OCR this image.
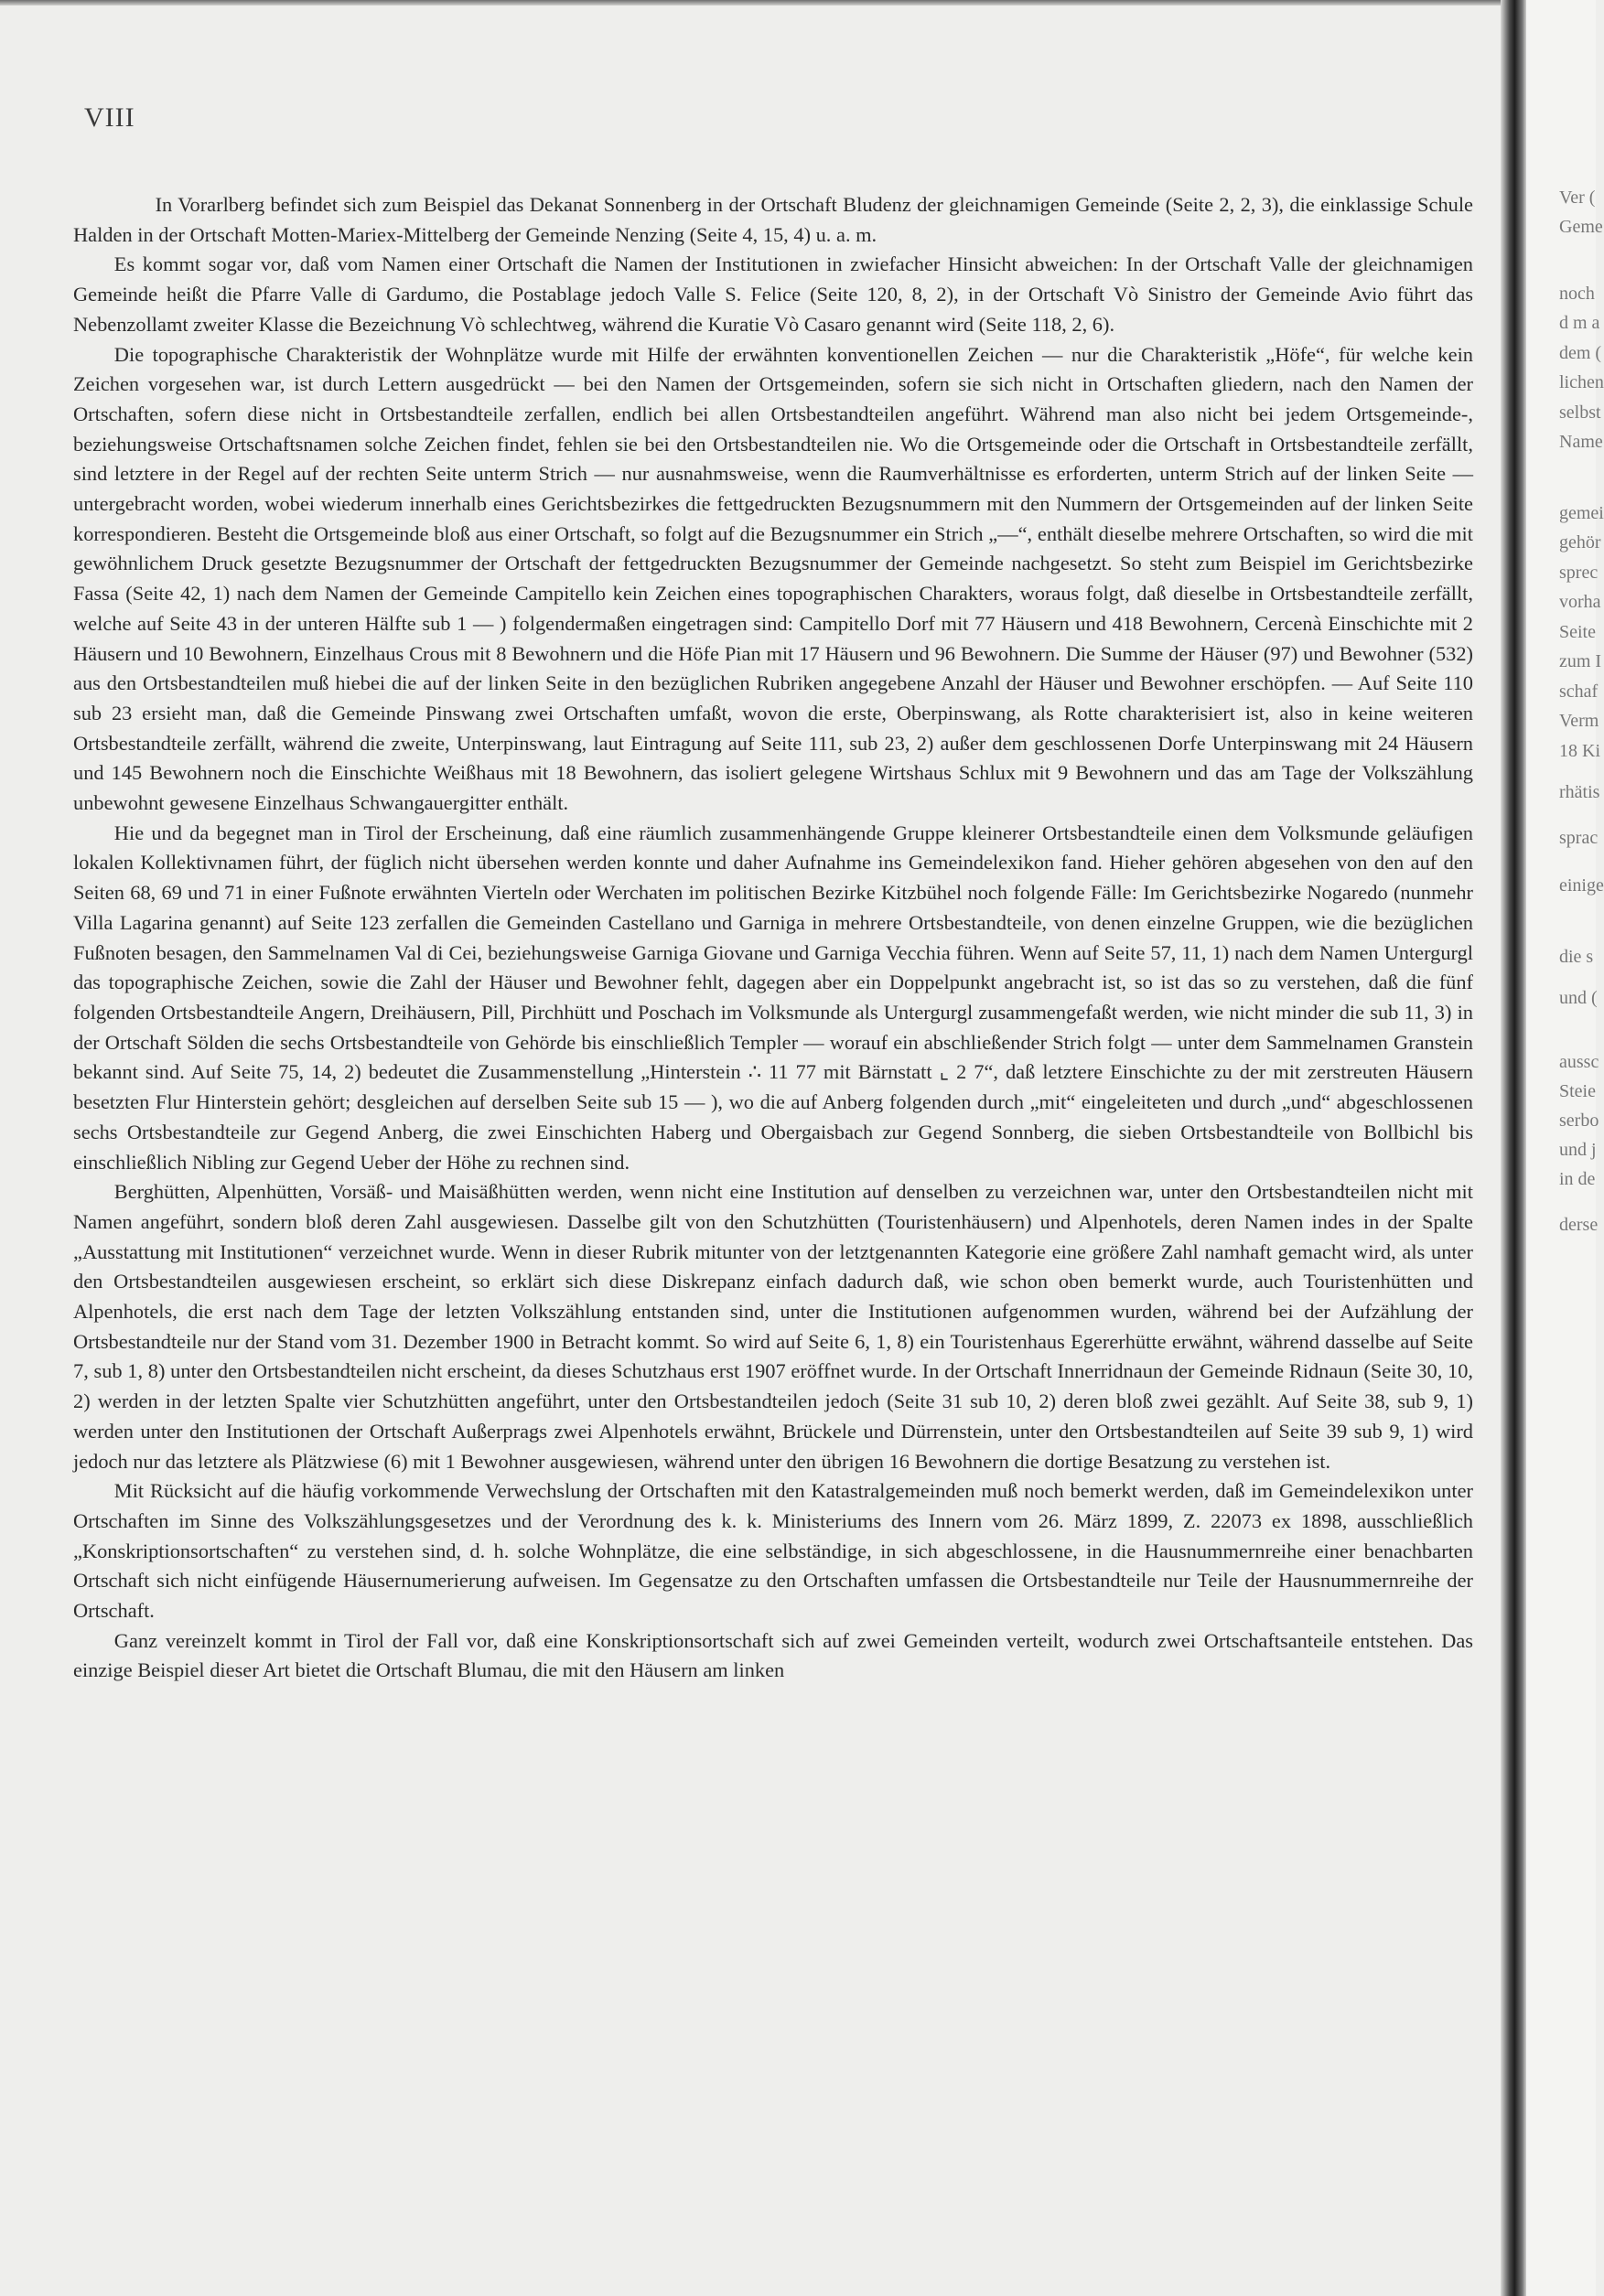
VIII

In Vorarlberg befindet sich zum Beispiel das Dekanat Sonnenberg in der Ortschaft Bludenz der gleichnamigen Gemeinde (Seite 2, 2, 3), die einklassige Schule Halden in der Ortschaft Motten-Mariex-Mittelberg der Gemeinde Nenzing (Seite 4, 15, 4) u. a. m.

Es kommt sogar vor, daß vom Namen einer Ortschaft die Namen der Institutionen in zwiefacher Hinsicht abweichen: In der Ortschaft Valle der gleichnamigen Gemeinde heißt die Pfarre Valle di Gardumo, die Postablage jedoch Valle S. Felice (Seite 120, 8, 2), in der Ortschaft Vò Sinistro der Gemeinde Avio führt das Nebenzollamt zweiter Klasse die Bezeichnung Vò schlechtweg, während die Kuratie Vò Casaro genannt wird (Seite 118, 2, 6).

Die topographische Charakteristik der Wohnplätze wurde mit Hilfe der erwähnten konventionellen Zeichen — nur die Charakteristik „Höfe“, für welche kein Zeichen vorgesehen war, ist durch Lettern ausgedrückt — bei den Namen der Ortsgemeinden, sofern sie sich nicht in Ortschaften gliedern, nach den Namen der Ortschaften, sofern diese nicht in Ortsbestandteile zerfallen, endlich bei allen Ortsbestandteilen angeführt. Während man also nicht bei jedem Ortsgemeinde-, beziehungsweise Ortschaftsnamen solche Zeichen findet, fehlen sie bei den Ortsbestandteilen nie. Wo die Ortsgemeinde oder die Ortschaft in Ortsbestandteile zerfällt, sind letztere in der Regel auf der rechten Seite unterm Strich — nur ausnahmsweise, wenn die Raumverhältnisse es erforderten, unterm Strich auf der linken Seite — untergebracht worden, wobei wiederum innerhalb eines Gerichtsbezirkes die fettgedruckten Bezugsnummern mit den Nummern der Ortsgemeinden auf der linken Seite korrespondieren. Besteht die Ortsgemeinde bloß aus einer Ortschaft, so folgt auf die Bezugsnummer ein Strich „—“, enthält dieselbe mehrere Ortschaften, so wird die mit gewöhnlichem Druck gesetzte Bezugsnummer der Ortschaft der fettgedruckten Bezugsnummer der Gemeinde nachgesetzt. So steht zum Beispiel im Gerichtsbezirke Fassa (Seite 42, 1) nach dem Namen der Gemeinde Campitello kein Zeichen eines topographischen Charakters, woraus folgt, daß dieselbe in Ortsbestandteile zerfällt, welche auf Seite 43 in der unteren Hälfte sub 1 — ) folgendermaßen eingetragen sind: Campitello Dorf mit 77 Häusern und 418 Bewohnern, Cercenà Einschichte mit 2 Häusern und 10 Bewohnern, Einzelhaus Crous mit 8 Bewohnern und die Höfe Pian mit 17 Häusern und 96 Bewohnern. Die Summe der Häuser (97) und Bewohner (532) aus den Ortsbestandteilen muß hiebei die auf der linken Seite in den bezüglichen Rubriken angegebene Anzahl der Häuser und Bewohner erschöpfen. — Auf Seite 110 sub 23 ersieht man, daß die Gemeinde Pinswang zwei Ortschaften umfaßt, wovon die erste, Oberpinswang, als Rotte charakterisiert ist, also in keine weiteren Ortsbestandteile zerfällt, während die zweite, Unterpinswang, laut Eintragung auf Seite 111, sub 23, 2) außer dem geschlossenen Dorfe Unterpinswang mit 24 Häusern und 145 Bewohnern noch die Einschichte Weißhaus mit 18 Bewohnern, das isoliert gelegene Wirtshaus Schlux mit 9 Bewohnern und das am Tage der Volkszählung unbewohnt gewesene Einzelhaus Schwangauergitter enthält.

Hie und da begegnet man in Tirol der Erscheinung, daß eine räumlich zusammenhängende Gruppe kleinerer Ortsbestandteile einen dem Volksmunde geläufigen lokalen Kollektivnamen führt, der füglich nicht übersehen werden konnte und daher Aufnahme ins Gemeindelexikon fand. Hieher gehören abgesehen von den auf den Seiten 68, 69 und 71 in einer Fußnote erwähnten Vierteln oder Werchaten im politischen Bezirke Kitzbühel noch folgende Fälle: Im Gerichtsbezirke Nogaredo (nunmehr Villa Lagarina genannt) auf Seite 123 zerfallen die Gemeinden Castellano und Garniga in mehrere Ortsbestandteile, von denen einzelne Gruppen, wie die bezüglichen Fußnoten besagen, den Sammelnamen Val di Cei, beziehungsweise Garniga Giovane und Garniga Vecchia führen. Wenn auf Seite 57, 11, 1) nach dem Namen Untergurgl das topographische Zeichen, sowie die Zahl der Häuser und Bewohner fehlt, dagegen aber ein Doppelpunkt angebracht ist, so ist das so zu verstehen, daß die fünf folgenden Ortsbestandteile Angern, Dreihäusern, Pill, Pirchhütt und Poschach im Volksmunde als Untergurgl zusammengefaßt werden, wie nicht minder die sub 11, 3) in der Ortschaft Sölden die sechs Ortsbestandteile von Gehörde bis einschließlich Templer — worauf ein abschließender Strich folgt — unter dem Sammelnamen Granstein bekannt sind. Auf Seite 75, 14, 2) bedeutet die Zusammenstellung „Hinterstein ∴ 11 77 mit Bärnstatt ⌞ 2 7“, daß letztere Einschichte zu der mit zerstreuten Häusern besetzten Flur Hinterstein gehört; desgleichen auf derselben Seite sub 15 — ), wo die auf Anberg folgenden durch „mit“ eingeleiteten und durch „und“ abgeschlossenen sechs Ortsbestandteile zur Gegend Anberg, die zwei Einschichten Haberg und Obergaisbach zur Gegend Sonnberg, die sieben Ortsbestandteile von Bollbichl bis einschließlich Nibling zur Gegend Ueber der Höhe zu rechnen sind.

Berghütten, Alpenhütten, Vorsäß- und Maisäßhütten werden, wenn nicht eine Institution auf denselben zu verzeichnen war, unter den Ortsbestandteilen nicht mit Namen angeführt, sondern bloß deren Zahl ausgewiesen. Dasselbe gilt von den Schutzhütten (Touristenhäusern) und Alpenhotels, deren Namen indes in der Spalte „Ausstattung mit Institutionen“ verzeichnet wurde. Wenn in dieser Rubrik mitunter von der letztgenannten Kategorie eine größere Zahl namhaft gemacht wird, als unter den Ortsbestandteilen ausgewiesen erscheint, so erklärt sich diese Diskrepanz einfach dadurch daß, wie schon oben bemerkt wurde, auch Touristenhütten und Alpenhotels, die erst nach dem Tage der letzten Volkszählung entstanden sind, unter die Institutionen aufgenommen wurden, während bei der Aufzählung der Ortsbestandteile nur der Stand vom 31. Dezember 1900 in Betracht kommt. So wird auf Seite 6, 1, 8) ein Touristenhaus Egererhütte erwähnt, während dasselbe auf Seite 7, sub 1, 8) unter den Ortsbestandteilen nicht erscheint, da dieses Schutzhaus erst 1907 eröffnet wurde. In der Ortschaft Innerridnaun der Gemeinde Ridnaun (Seite 30, 10, 2) werden in der letzten Spalte vier Schutzhütten angeführt, unter den Ortsbestandteilen jedoch (Seite 31 sub 10, 2) deren bloß zwei gezählt. Auf Seite 38, sub 9, 1) werden unter den Institutionen der Ortschaft Außerprags zwei Alpenhotels erwähnt, Brückele und Dürrenstein, unter den Ortsbestandteilen auf Seite 39 sub 9, 1) wird jedoch nur das letztere als Plätzwiese (6) mit 1 Bewohner ausgewiesen, während unter den übrigen 16 Bewohnern die dortige Besatzung zu verstehen ist.

Mit Rücksicht auf die häufig vorkommende Verwechslung der Ortschaften mit den Katastralgemeinden muß noch bemerkt werden, daß im Gemeindelexikon unter Ortschaften im Sinne des Volkszählungsgesetzes und der Verordnung des k. k. Ministeriums des Innern vom 26. März 1899, Z. 22073 ex 1898, ausschließlich „Konskriptionsortschaften“ zu verstehen sind, d. h. solche Wohnplätze, die eine selbständige, in sich abgeschlossene, in die Hausnummernreihe einer benachbarten Ortschaft sich nicht einfügende Häusernumerierung aufweisen. Im Gegensatze zu den Ortschaften umfassen die Ortsbestandteile nur Teile der Hausnummernreihe der Ortschaft.

Ganz vereinzelt kommt in Tirol der Fall vor, daß eine Konskriptionsortschaft sich auf zwei Gemeinden verteilt, wodurch zwei Ortschaftsanteile entstehen. Das einzige Beispiel dieser Art bietet die Ortschaft Blumau, die mit den Häusern am linken

Ver (
Geme
noch
d m a
dem (
lichen
selbst
Name
gemei
gehör
sprec
vorha
Seite
zum I
schaf
Verm
18 Ki
rhätis
sprac
einige
die s
und (
aussc
Steie
serbo
und j
in de
derse
